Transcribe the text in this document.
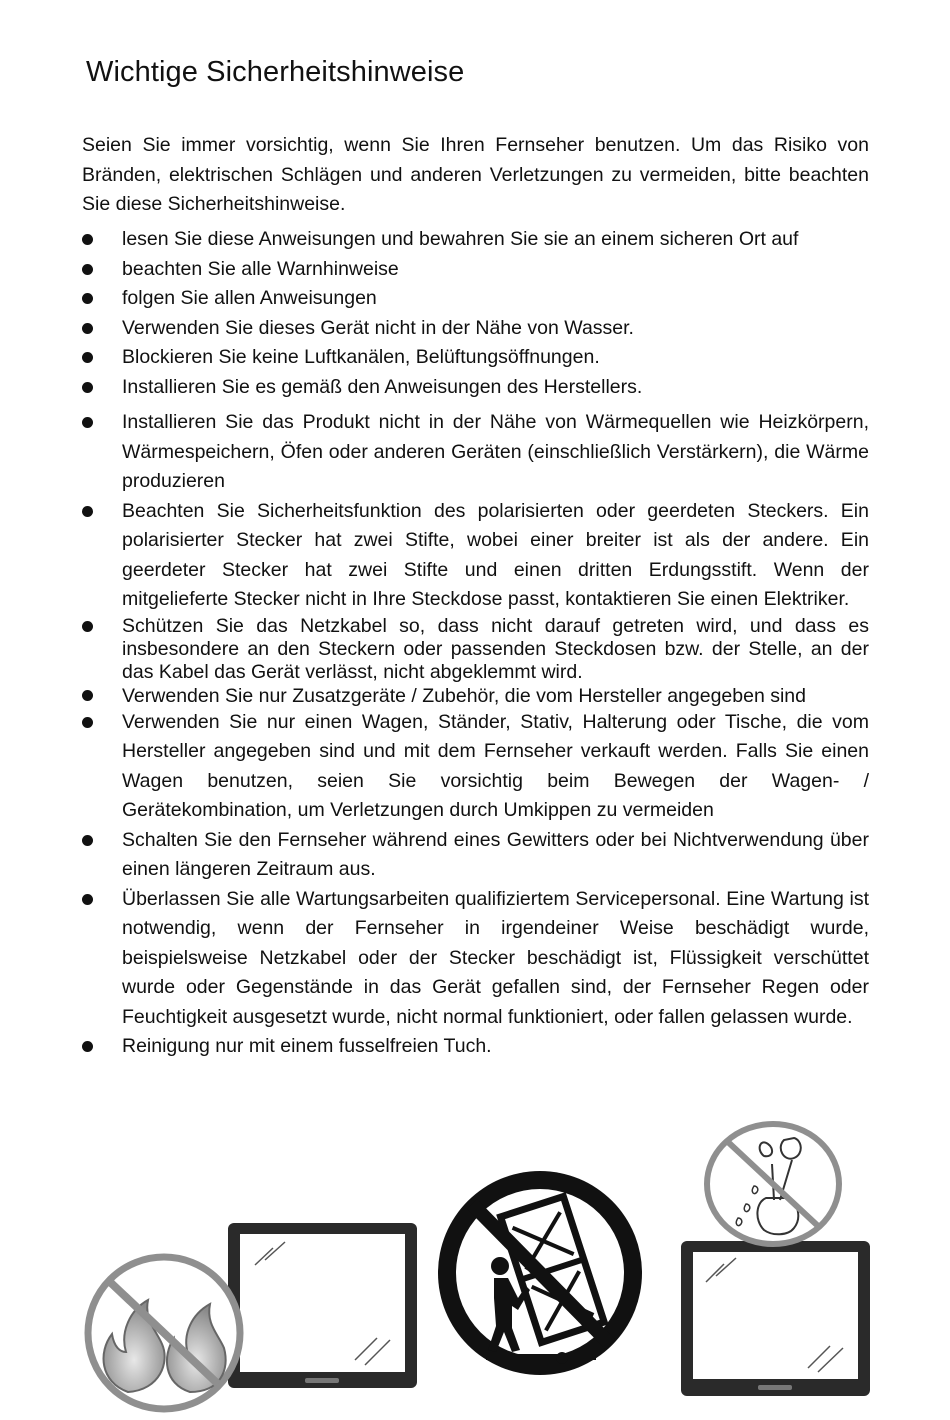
Wichtige Sicherheitshinweise

Seien Sie immer vorsichtig, wenn Sie Ihren Fernseher benutzen. Um das Risiko von Bränden, elektrischen Schlägen und anderen Verletzungen zu vermeiden, bitte beachten Sie diese Sicherheitshinweise.

lesen Sie diese Anweisungen und bewahren Sie sie an einem sicheren Ort auf
beachten Sie alle Warnhinweise
folgen Sie allen Anweisungen
Verwenden Sie dieses Gerät nicht in der Nähe von Wasser.
Blockieren Sie keine Luftkanälen, Belüftungsöffnungen.
Installieren Sie es gemäß den Anweisungen des Herstellers.
Installieren Sie das Produkt nicht in der Nähe von Wärmequellen wie Heizkörpern, Wärmespeichern, Öfen oder anderen Geräten (einschließlich Verstärkern), die Wärme produzieren
Beachten Sie Sicherheitsfunktion des polarisierten oder geerdeten Steckers. Ein polarisierter Stecker hat zwei Stifte, wobei einer breiter ist als der andere. Ein geerdeter Stecker hat zwei Stifte und einen dritten Erdungsstift. Wenn der mitgelieferte Stecker nicht in Ihre Steckdose passt, kontaktieren Sie einen Elektriker.
Schützen Sie das Netzkabel so, dass nicht darauf getreten wird, und dass es insbesondere an den Steckern oder passenden Steckdosen bzw. der Stelle, an der das Kabel das Gerät verlässt, nicht abgeklemmt wird.
Verwenden Sie nur Zusatzgeräte / Zubehör, die vom Hersteller angegeben sind
Verwenden Sie nur einen Wagen, Ständer, Stativ, Halterung oder Tische, die vom Hersteller angegeben sind und mit dem Fernseher verkauft werden. Falls Sie einen Wagen benutzen, seien Sie vorsichtig beim Bewegen der Wagen- / Gerätekombination, um Verletzungen durch Umkippen zu vermeiden
Schalten Sie den Fernseher während eines Gewitters oder bei Nichtverwendung über einen längeren Zeitraum aus.
Überlassen Sie alle Wartungsarbeiten qualifiziertem Servicepersonal. Eine Wartung ist notwendig, wenn der Fernseher in irgendeiner Weise beschädigt wurde, beispielsweise Netzkabel oder der Stecker beschädigt ist, Flüssigkeit verschüttet wurde oder Gegenstände in das Gerät gefallen sind, der Fernseher Regen oder Feuchtigkeit ausgesetzt wurde, nicht normal funktioniert, oder fallen gelassen wurde.
Reinigung nur mit einem fusselfreien Tuch.
